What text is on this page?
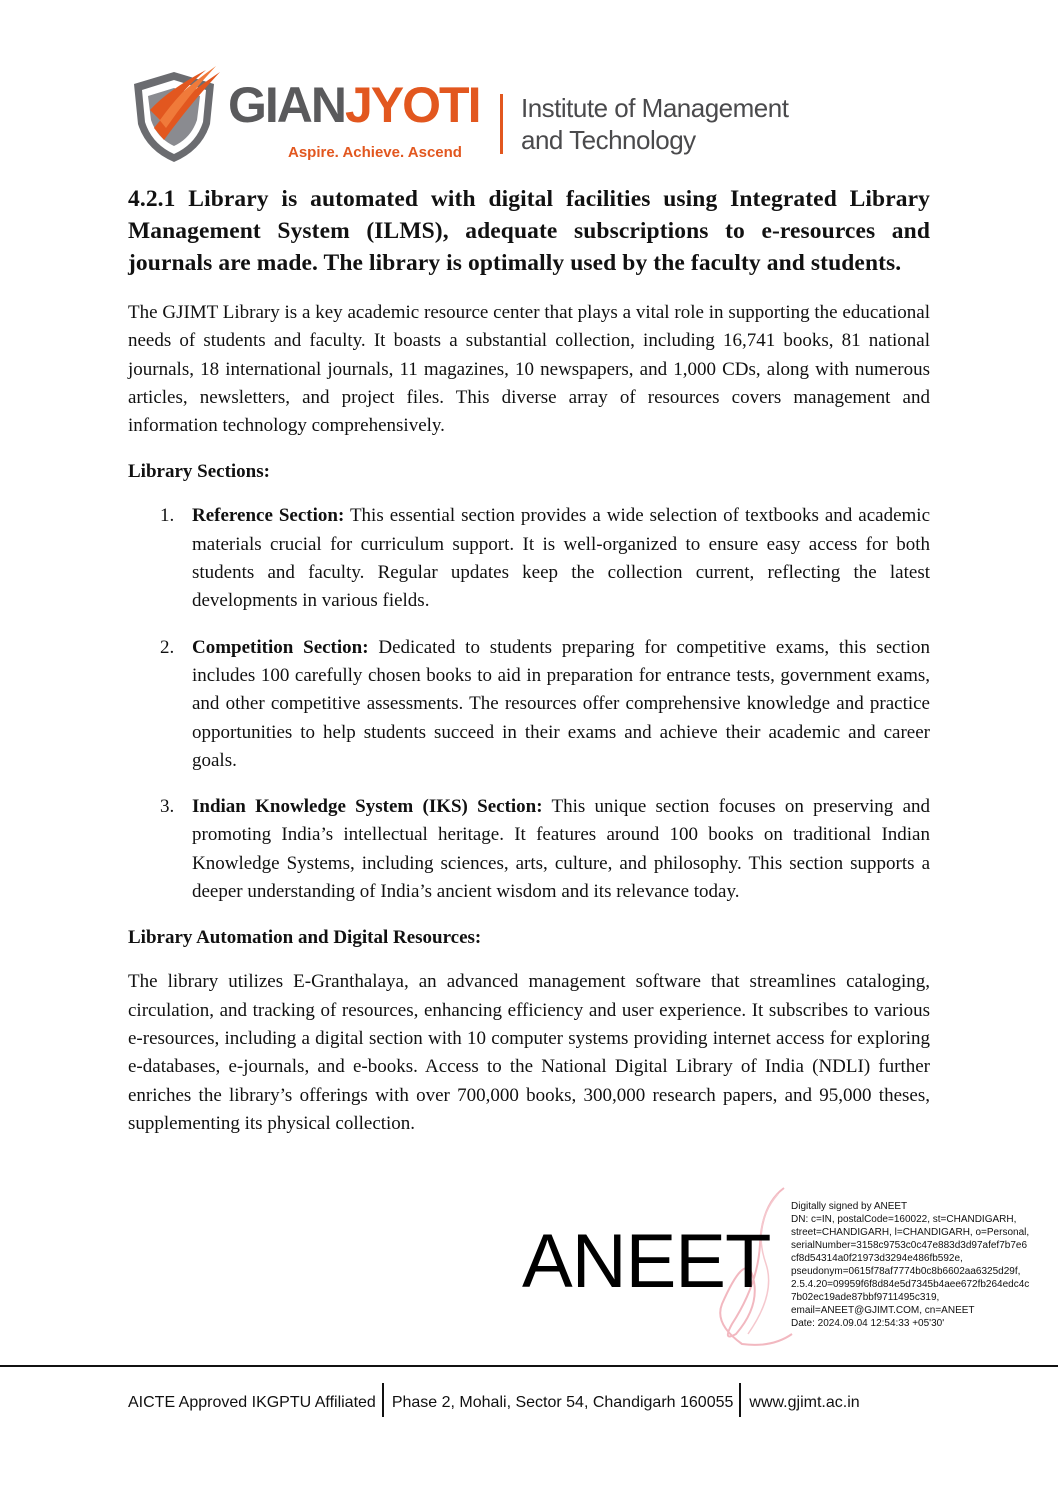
GIANJYOTI
Aspire. Achieve. Ascend
Institute of Management
and Technology
4.2.1 Library is automated with digital facilities using Integrated Library Management System (ILMS), adequate subscriptions to e-resources and journals are made. The library is optimally used by the faculty and students.

The GJIMT Library is a key academic resource center that plays a vital role in supporting the educational needs of students and faculty. It boasts a substantial collection, including 16,741 books, 81 national journals, 18 international journals, 11 magazines, 10 newspapers, and 1,000 CDs, along with numerous articles, newsletters, and project files. This diverse array of resources covers management and information technology comprehensively.

Library Sections:
1. Reference Section: This essential section provides a wide selection of textbooks and academic materials crucial for curriculum support. It is well-organized to ensure easy access for both students and faculty. Regular updates keep the collection current, reflecting the latest developments in various fields.
2. Competition Section: Dedicated to students preparing for competitive exams, this section includes 100 carefully chosen books to aid in preparation for entrance tests, government exams, and other competitive assessments. The resources offer comprehensive knowledge and practice opportunities to help students succeed in their exams and achieve their academic and career goals.
3. Indian Knowledge System (IKS) Section: This unique section focuses on preserving and promoting India’s intellectual heritage. It features around 100 books on traditional Indian Knowledge Systems, including sciences, arts, culture, and philosophy. This section supports a deeper understanding of India’s ancient wisdom and its relevance today.
Library Automation and Digital Resources:

The library utilizes E-Granthalaya, an advanced management software that streamlines cataloging, circulation, and tracking of resources, enhancing efficiency and user experience. It subscribes to various e-resources, including a digital section with 10 computer systems providing internet access for exploring e-databases, e-journals, and e-books. Access to the National Digital Library of India (NDLI) further enriches the library’s offerings with over 700,000 books, 300,000 research papers, and 95,000 theses, supplementing its physical collection.

ANEET
Digitally signed by ANEET
DN: c=IN, postalCode=160022, st=CHANDIGARH,
street=CHANDIGARH, l=CHANDIGARH, o=Personal,
serialNumber=3158c9753c0c47e883d3d97afef7b7e6
cf8d54314a0f21973d3294e486fb592e,
pseudonym=0615f78af7774b0c8b6602aa6325d29f,
2.5.4.20=09959f6f8d84e5d7345b4aee672fb264edc4c
7b02ec19ade87bbf9711495c319,
email=ANEET@GJIMT.COM, cn=ANEET
Date: 2024.09.04 12:54:33 +05'30'
AICTE Approved IKGPTU Affiliated Phase 2, Mohali, Sector 54, Chandigarh 160055 www.gjimt.ac.in
